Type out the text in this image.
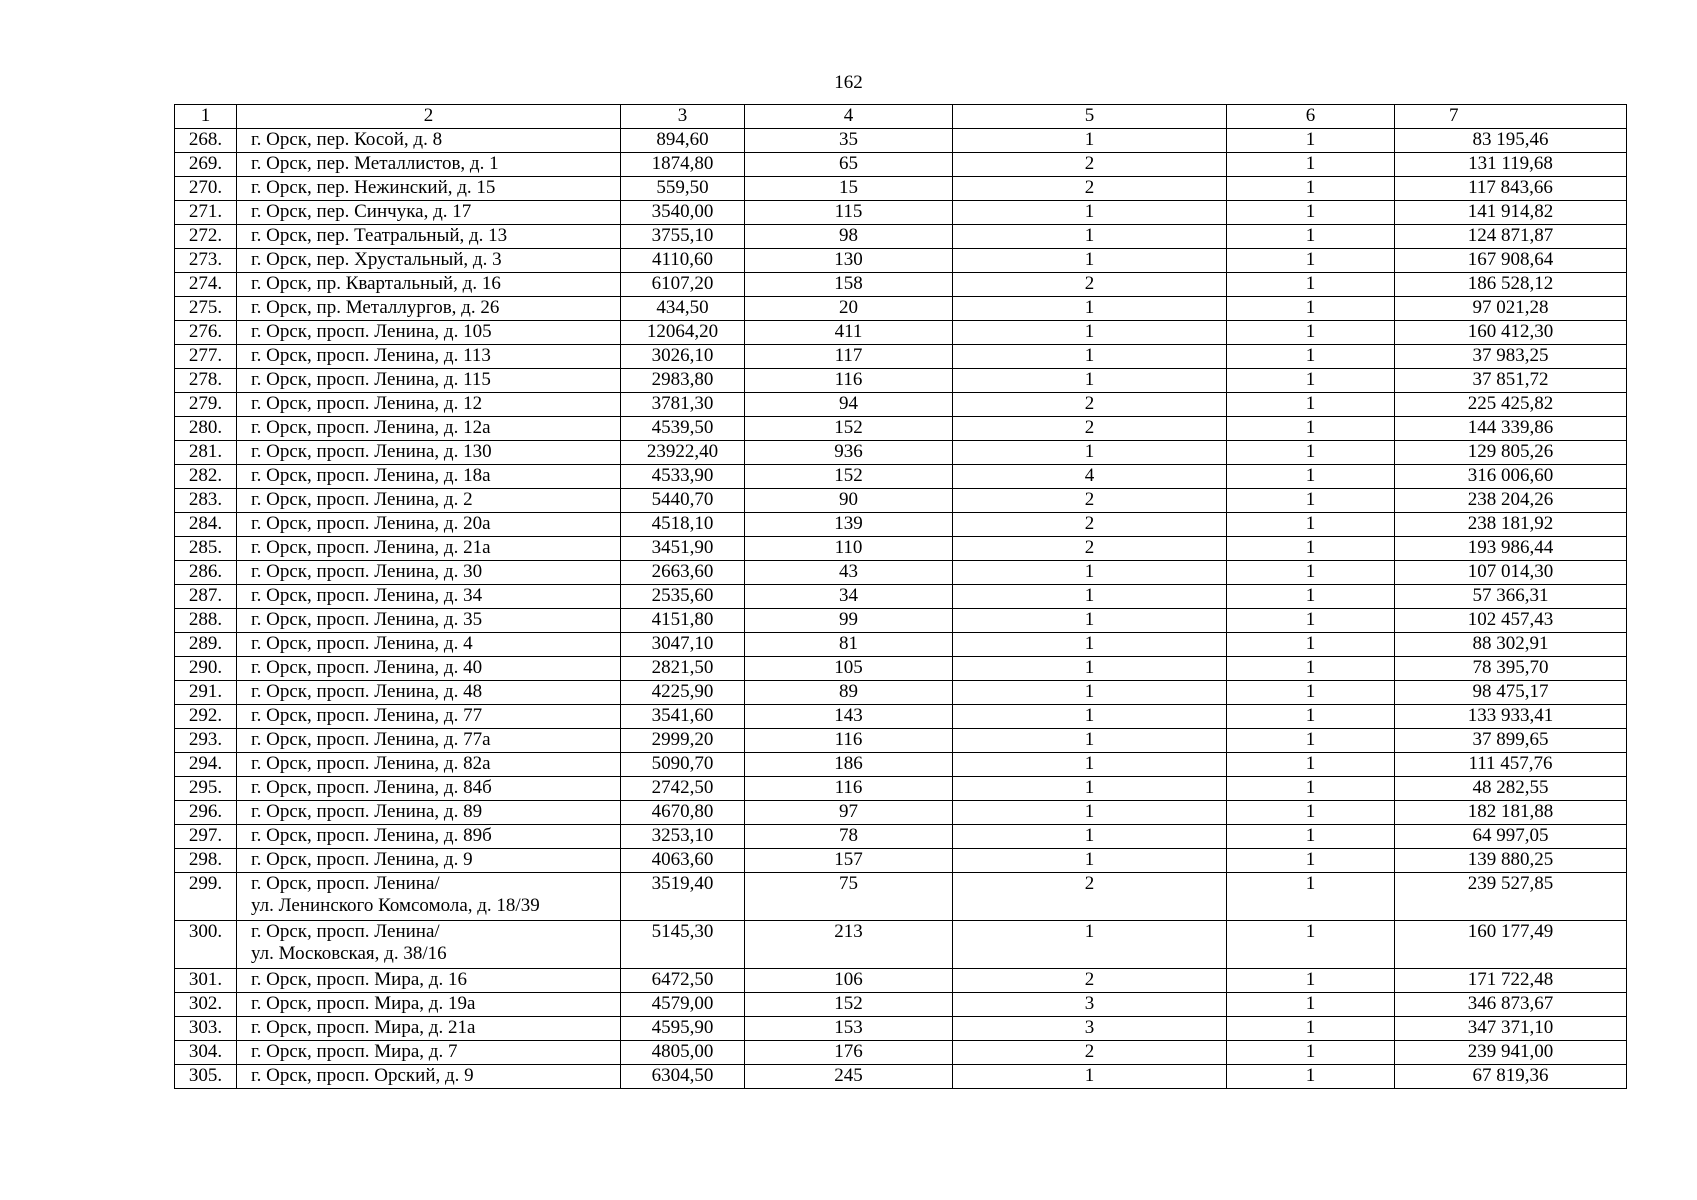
162
1	2	3	4	5	6	7
268.	г. Орск, пер. Косой, д. 8	894,60	35	1	1	83 195,46
269.	г. Орск, пер. Металлистов, д. 1	1874,80	65	2	1	131 119,68
270.	г. Орск, пер. Нежинский, д. 15	559,50	15	2	1	117 843,66
271.	г. Орск, пер. Синчука, д. 17	3540,00	115	1	1	141 914,82
272.	г. Орск, пер. Театральный, д. 13	3755,10	98	1	1	124 871,87
273.	г. Орск, пер. Хрустальный, д. 3	4110,60	130	1	1	167 908,64
274.	г. Орск, пр. Квартальный, д. 16	6107,20	158	2	1	186 528,12
275.	г. Орск, пр. Металлургов, д. 26	434,50	20	1	1	97 021,28
276.	г. Орск, просп. Ленина, д. 105	12064,20	411	1	1	160 412,30
277.	г. Орск, просп. Ленина, д. 113	3026,10	117	1	1	37 983,25
278.	г. Орск, просп. Ленина, д. 115	2983,80	116	1	1	37 851,72
279.	г. Орск, просп. Ленина, д. 12	3781,30	94	2	1	225 425,82
280.	г. Орск, просп. Ленина, д. 12а	4539,50	152	2	1	144 339,86
281.	г. Орск, просп. Ленина, д. 130	23922,40	936	1	1	129 805,26
282.	г. Орск, просп. Ленина, д. 18а	4533,90	152	4	1	316 006,60
283.	г. Орск, просп. Ленина, д. 2	5440,70	90	2	1	238 204,26
284.	г. Орск, просп. Ленина, д. 20а	4518,10	139	2	1	238 181,92
285.	г. Орск, просп. Ленина, д. 21а	3451,90	110	2	1	193 986,44
286.	г. Орск, просп. Ленина, д. 30	2663,60	43	1	1	107 014,30
287.	г. Орск, просп. Ленина, д. 34	2535,60	34	1	1	57 366,31
288.	г. Орск, просп. Ленина, д. 35	4151,80	99	1	1	102 457,43
289.	г. Орск, просп. Ленина, д. 4	3047,10	81	1	1	88 302,91
290.	г. Орск, просп. Ленина, д. 40	2821,50	105	1	1	78 395,70
291.	г. Орск, просп. Ленина, д. 48	4225,90	89	1	1	98 475,17
292.	г. Орск, просп. Ленина, д. 77	3541,60	143	1	1	133 933,41
293.	г. Орск, просп. Ленина, д. 77а	2999,20	116	1	1	37 899,65
294.	г. Орск, просп. Ленина, д. 82а	5090,70	186	1	1	111 457,76
295.	г. Орск, просп. Ленина, д. 84б	2742,50	116	1	1	48 282,55
296.	г. Орск, просп. Ленина, д. 89	4670,80	97	1	1	182 181,88
297.	г. Орск, просп. Ленина, д. 89б	3253,10	78	1	1	64 997,05
298.	г. Орск, просп. Ленина, д. 9	4063,60	157	1	1	139 880,25
299.	г. Орск, просп. Ленина/
ул. Ленинского Комсомола, д. 18/39	3519,40	75	2	1	239 527,85
300.	г. Орск, просп. Ленина/
ул. Московская, д. 38/16	5145,30	213	1	1	160 177,49
301.	г. Орск, просп. Мира, д. 16	6472,50	106	2	1	171 722,48
302.	г. Орск, просп. Мира, д. 19а	4579,00	152	3	1	346 873,67
303.	г. Орск, просп. Мира, д. 21а	4595,90	153	3	1	347 371,10
304.	г. Орск, просп. Мира, д. 7	4805,00	176	2	1	239 941,00
305.	г. Орск, просп. Орский, д. 9	6304,50	245	1	1	67 819,36
